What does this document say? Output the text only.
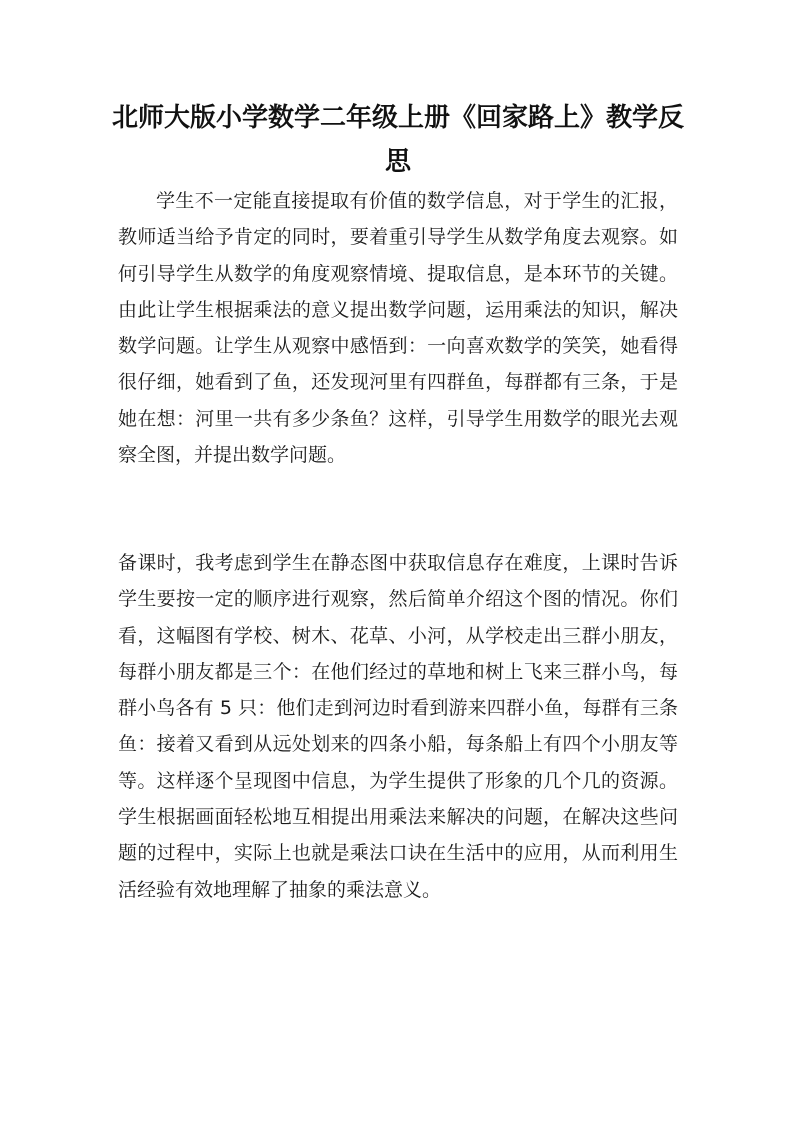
北师大版小学数学二年级上册《回家路上》教学反思

学生不一定能直接提取有价值的数学信息，对于学生的汇报，教师适当给予肯定的同时，要着重引导学生从数学角度去观察。如何引导学生从数学的角度观察情境、提取信息，是本环节的关键。由此让学生根据乘法的意义提出数学问题，运用乘法的知识，解决数学问题。让学生从观察中感悟到：一向喜欢数学的笑笑，她看得很仔细，她看到了鱼，还发现河里有四群鱼，每群都有三条，于是她在想：河里一共有多少条鱼？这样，引导学生用数学的眼光去观察全图，并提出数学问题。

备课时，我考虑到学生在静态图中获取信息存在难度，上课时告诉学生要按一定的顺序进行观察，然后简单介绍这个图的情况。你们看，这幅图有学校、树木、花草、小河，从学校走出三群小朋友，每群小朋友都是三个：在他们经过的草地和树上飞来三群小鸟，每群小鸟各有 5 只：他们走到河边时看到游来四群小鱼，每群有三条鱼：接着又看到从远处划来的四条小船，每条船上有四个小朋友等等。这样逐个呈现图中信息，为学生提供了形象的几个几的资源。学生根据画面轻松地互相提出用乘法来解决的问题，在解决这些问题的过程中，实际上也就是乘法口诀在生活中的应用，从而利用生活经验有效地理解了抽象的乘法意义。
